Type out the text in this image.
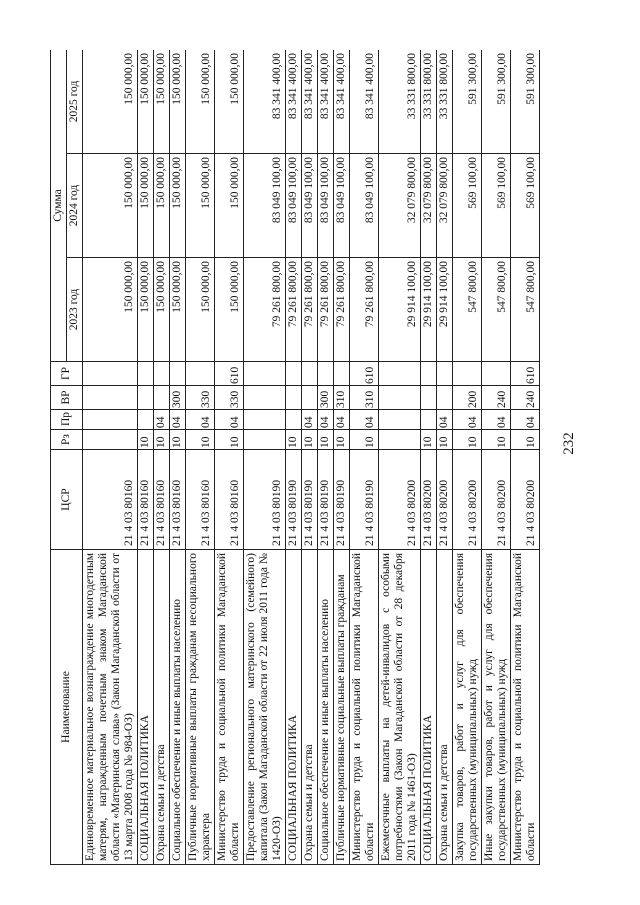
232
Наименование	ЦСР	Рз	Пр	ВР	ГР	Сумма		
						2023 год	2024 год	2025 год
Единовременное материальное вознаграждение многодетным матерям, награжденным почетным знаком Магаданской области «Материнская слава» (Закон Магаданской области от 13 марта 2008 года № 984-ОЗ)	21 4 03 80160					150 000,00	150 000,00	150 000,00
СОЦИАЛЬНАЯ ПОЛИТИКА	21 4 03 80160	10				150 000,00	150 000,00	150 000,00
Охрана семьи и детства	21 4 03 80160	10	04			150 000,00	150 000,00	150 000,00
Социальное обеспечение и иные выплаты населению	21 4 03 80160	10	04	300		150 000,00	150 000,00	150 000,00
Публичные нормативные выплаты гражданам несоциального характера	21 4 03 80160	10	04	330		150 000,00	150 000,00	150 000,00
Министерство труда и социальной политики Магаданской области	21 4 03 80160	10	04	330	610	150 000,00	150 000,00	150 000,00
Предоставление регионального материнского (семейного) капитала (Закон Магаданской области от 22 июля 2011 года № 1420-ОЗ)	21 4 03 80190					79 261 800,00	83 049 100,00	83 341 400,00
СОЦИАЛЬНАЯ ПОЛИТИКА	21 4 03 80190	10				79 261 800,00	83 049 100,00	83 341 400,00
Охрана семьи и детства	21 4 03 80190	10	04			79 261 800,00	83 049 100,00	83 341 400,00
Социальное обеспечение и иные выплаты населению	21 4 03 80190	10	04	300		79 261 800,00	83 049 100,00	83 341 400,00
Публичные нормативные социальные выплаты гражданам	21 4 03 80190	10	04	310		79 261 800,00	83 049 100,00	83 341 400,00
Министерство труда и социальной политики Магаданской области	21 4 03 80190	10	04	310	610	79 261 800,00	83 049 100,00	83 341 400,00
Ежемесячные выплаты на детей-инвалидов с особыми потребностями (Закон Магаданской области от 28 декабря 2011 года № 1461-ОЗ)	21 4 03 80200					29 914 100,00	32 079 800,00	33 331 800,00
СОЦИАЛЬНАЯ ПОЛИТИКА	21 4 03 80200	10				29 914 100,00	32 079 800,00	33 331 800,00
Охрана семьи и детства	21 4 03 80200	10	04			29 914 100,00	32 079 800,00	33 331 800,00
Закупка товаров, работ и услуг для обеспечения государственных (муниципальных) нужд	21 4 03 80200	10	04	200		547 800,00	569 100,00	591 300,00
Иные закупки товаров, работ и услуг для обеспечения государственных (муниципальных) нужд	21 4 03 80200	10	04	240		547 800,00	569 100,00	591 300,00
Министерство труда и социальной политики Магаданской области	21 4 03 80200	10	04	240	610	547 800,00	569 100,00	591 300,00
